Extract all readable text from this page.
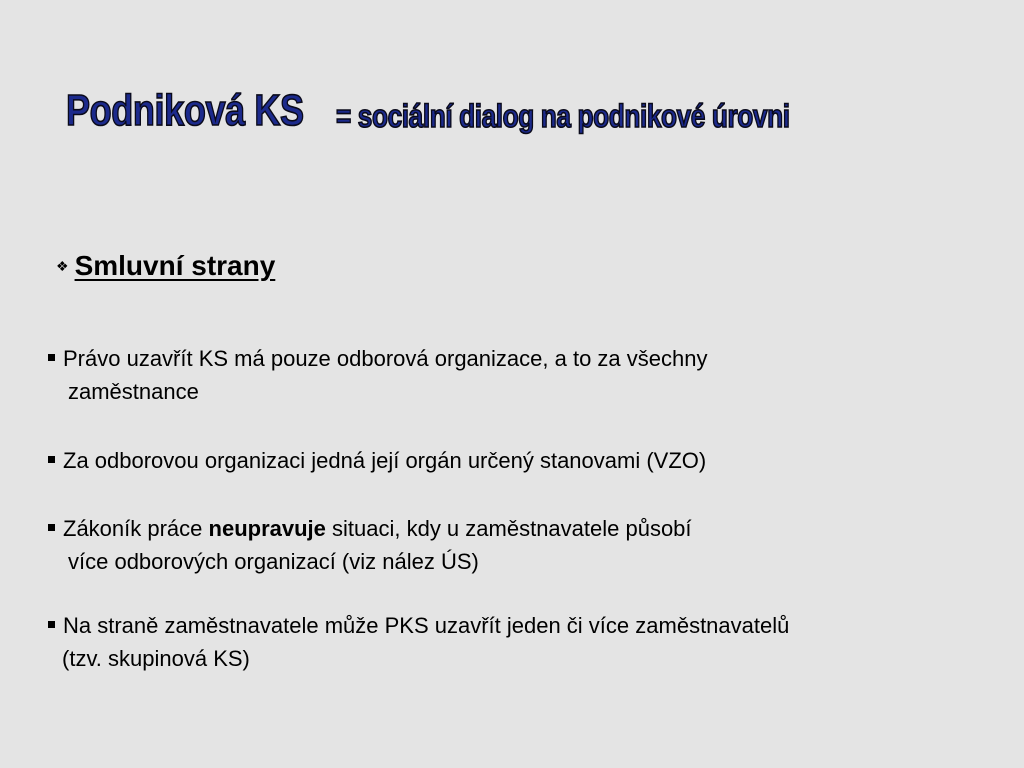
Podniková KS = sociální dialog na podnikové úrovni
❖ Smluvní strany
Právo uzavřít KS má pouze odborová organizace, a to za všechny
zaměstnance
Za odborovou organizaci jedná její orgán určený stanovami (VZO)
Zákoník práce neupravuje situaci, kdy u zaměstnavatele působí
více odborových organizací (viz nález ÚS)
Na straně zaměstnavatele může PKS uzavřít jeden či více zaměstnavatelů
(tzv. skupinová KS)
